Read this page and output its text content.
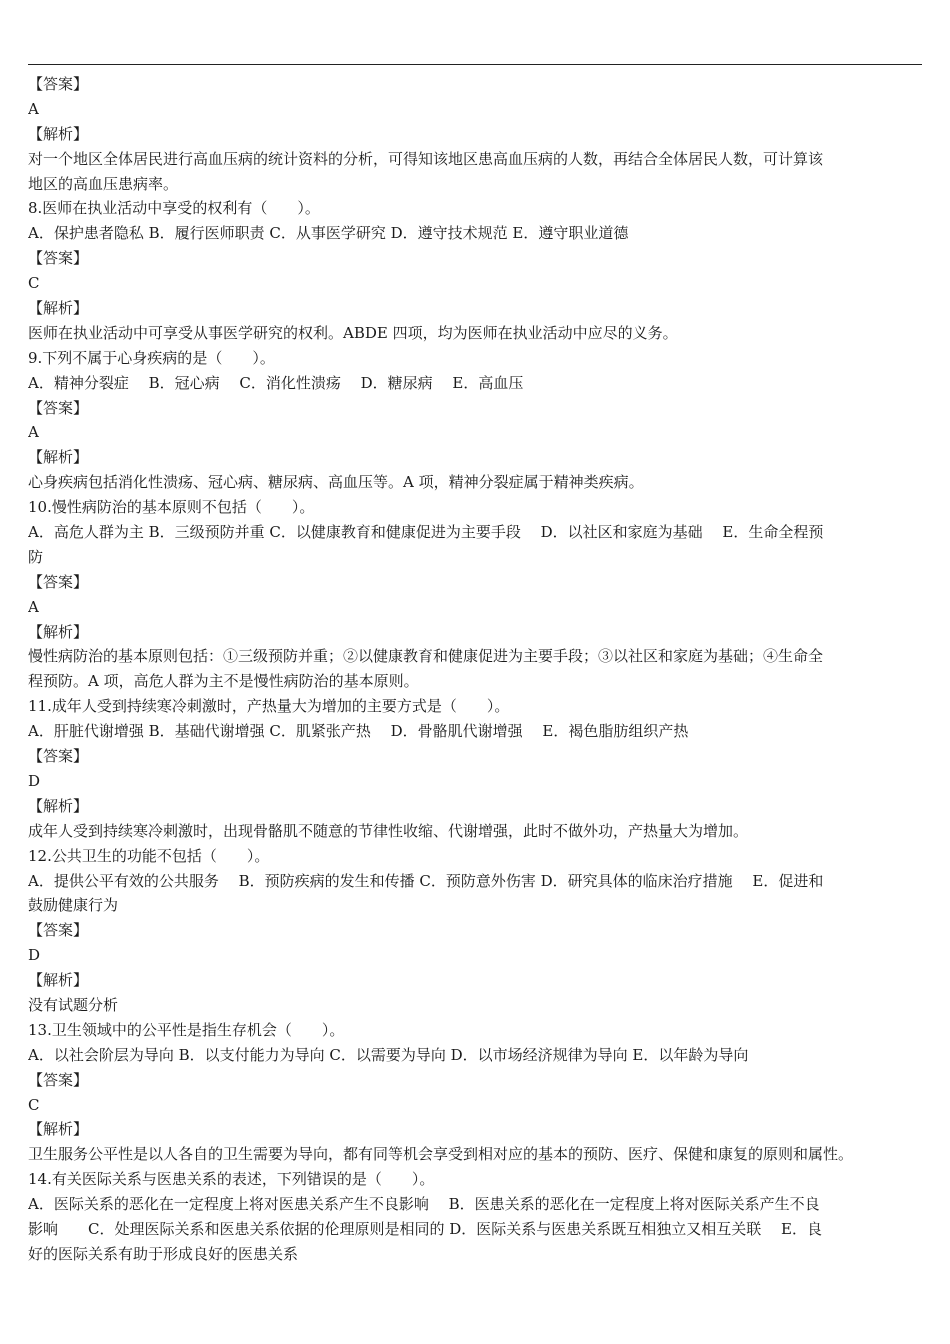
【答案】
A
【解析】
对一个地区全体居民进行高血压病的统计资料的分析，可得知该地区患高血压病的人数，再结合全体居民人数，可计算该
地区的高血压患病率。
8.医师在执业活动中享受的权利有（　　）。
A．保护患者隐私 B．履行医师职责 C．从事医学研究 D．遵守技术规范 E．遵守职业道德
【答案】
C
【解析】
医师在执业活动中可享受从事医学研究的权利。ABDE 四项，均为医师在执业活动中应尽的义务。
9.下列不属于心身疾病的是（　　）。
A．精神分裂症　 B．冠心病　 C．消化性溃疡　 D．糖尿病　 E．高血压
【答案】
A
【解析】
心身疾病包括消化性溃疡、冠心病、糖尿病、高血压等。A 项，精神分裂症属于精神类疾病。
10.慢性病防治的基本原则不包括（　　）。
A．高危人群为主 B．三级预防并重 C．以健康教育和健康促进为主要手段　 D．以社区和家庭为基础　 E．生命全程预
防
【答案】
A
【解析】
慢性病防治的基本原则包括：①三级预防并重；②以健康教育和健康促进为主要手段；③以社区和家庭为基础；④生命全
程预防。A 项，高危人群为主不是慢性病防治的基本原则。
11.成年人受到持续寒冷刺激时，产热量大为增加的主要方式是（　　）。
A．肝脏代谢增强 B．基础代谢增强 C．肌紧张产热　 D．骨骼肌代谢增强　 E．褐色脂肪组织产热
【答案】
D
【解析】
成年人受到持续寒冷刺激时，出现骨骼肌不随意的节律性收缩、代谢增强，此时不做外功，产热量大为增加。
12.公共卫生的功能不包括（　　）。
A．提供公平有效的公共服务　 B．预防疾病的发生和传播 C．预防意外伤害 D．研究具体的临床治疗措施　 E．促进和
鼓励健康行为
【答案】
D
【解析】
没有试题分析
13.卫生领域中的公平性是指生存机会（　　）。
A．以社会阶层为导向 B．以支付能力为导向 C．以需要为导向 D．以市场经济规律为导向 E．以年龄为导向
【答案】
C
【解析】
卫生服务公平性是以人各自的卫生需要为导向，都有同等机会享受到相对应的基本的预防、医疗、保健和康复的原则和属性。
14.有关医际关系与医患关系的表述，下列错误的是（　　）。
A．医际关系的恶化在一定程度上将对医患关系产生不良影响　 B．医患关系的恶化在一定程度上将对医际关系产生不良
影响　　C．处理医际关系和医患关系依据的伦理原则是相同的 D．医际关系与医患关系既互相独立又相互关联　 E．良
好的医际关系有助于形成良好的医患关系
